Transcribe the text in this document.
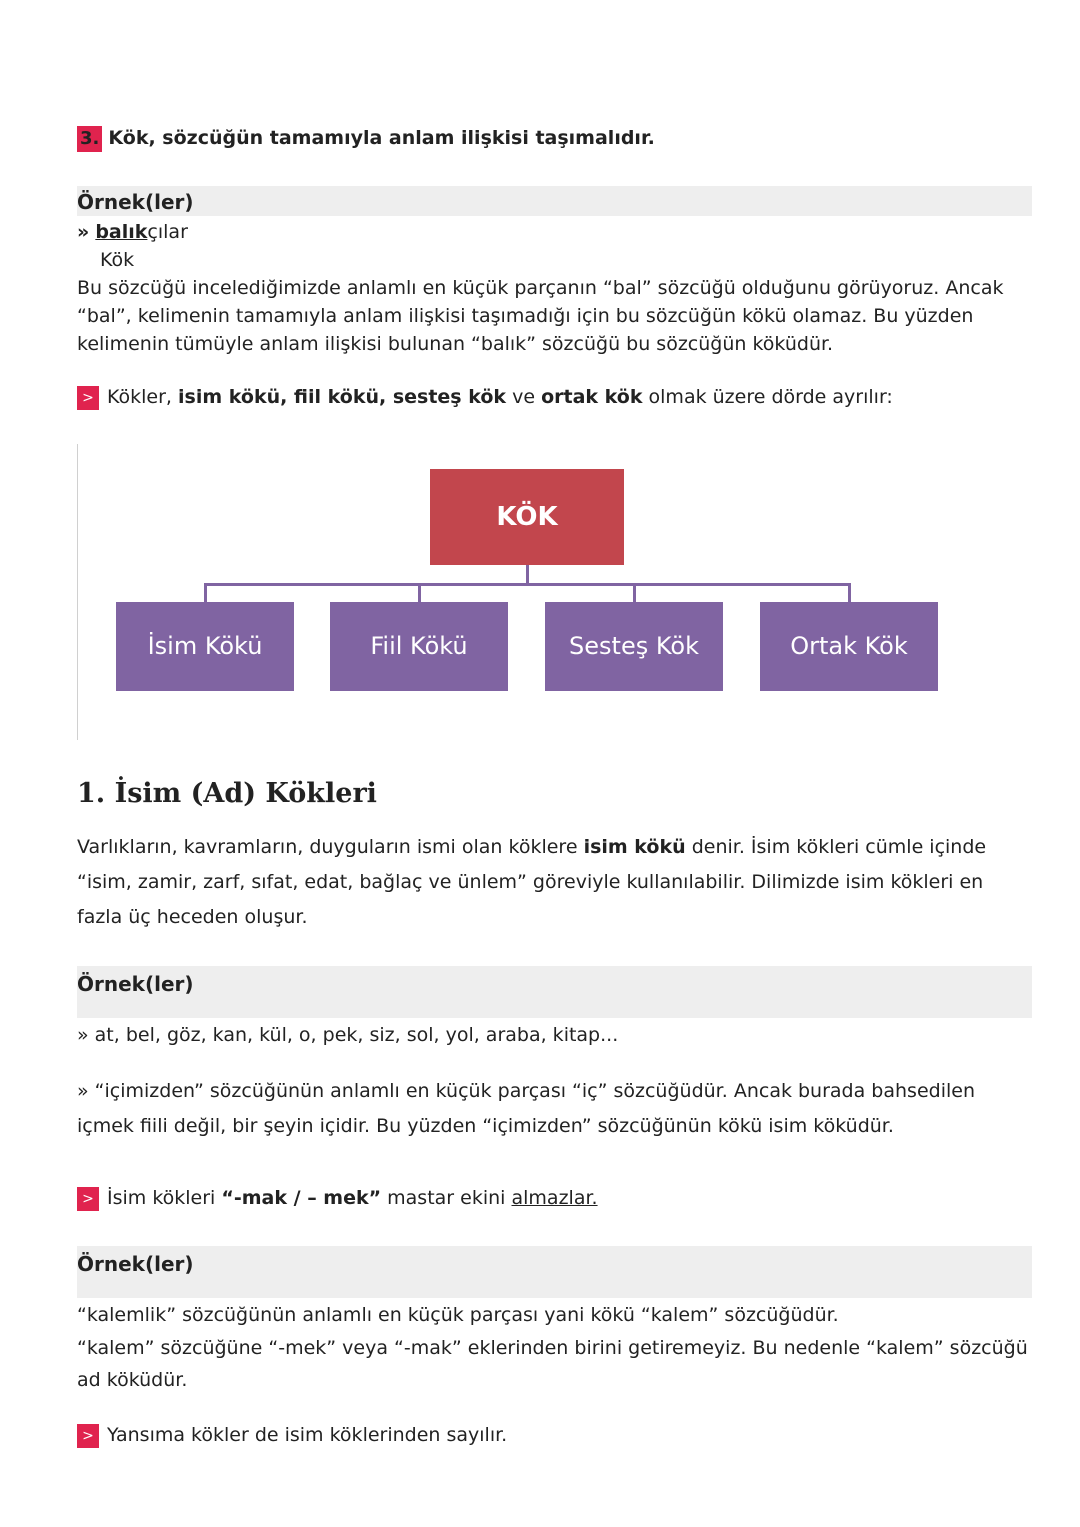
3. Kök, sözcüğün tamamıyla anlam ilişkisi taşımalıdır.
Örnek(ler)
» balıkçılar
Kök
Bu sözcüğü incelediğimizde anlamlı en küçük parçanın “bal” sözcüğü olduğunu görüyoruz. Ancak “bal”, kelimenin tamamıyla anlam ilişkisi taşımadığı için bu sözcüğün kökü olamaz. Bu yüzden kelimenin tümüyle anlam ilişkisi bulunan “balık” sözcüğü bu sözcüğün köküdür.
> Kökler, isim kökü, fiil kökü, sesteş kök ve ortak kök olmak üzere dörde ayrılır:
KÖK
İsim Kökü	Fiil Kökü	Sesteş Kök	Ortak Kök
1. İsim (Ad) Kökleri
Varlıkların, kavramların, duyguların ismi olan köklere isim kökü denir. İsim kökleri cümle içinde “isim, zamir, zarf, sıfat, edat, bağlaç ve ünlem” göreviyle kullanılabilir. Dilimizde isim kökleri en fazla üç heceden oluşur.
Örnek(ler)
» at, bel, göz, kan, kül, o, pek, siz, sol, yol, araba, kitap...
» “içimizden” sözcüğünün anlamlı en küçük parçası “iç” sözcüğüdür. Ancak burada bahsedilen içmek fiili değil, bir şeyin içidir. Bu yüzden “içimizden” sözcüğünün kökü isim köküdür.
> İsim kökleri “-mak / – mek” mastar ekini almazlar.
Örnek(ler)
“kalemlik” sözcüğünün anlamlı en küçük parçası yani kökü “kalem” sözcüğüdür.
“kalem” sözcüğüne “-mek” veya “-mak” eklerinden birini getiremeyiz. Bu nedenle “kalem” sözcüğü ad köküdür.
> Yansıma kökler de isim köklerinden sayılır.
